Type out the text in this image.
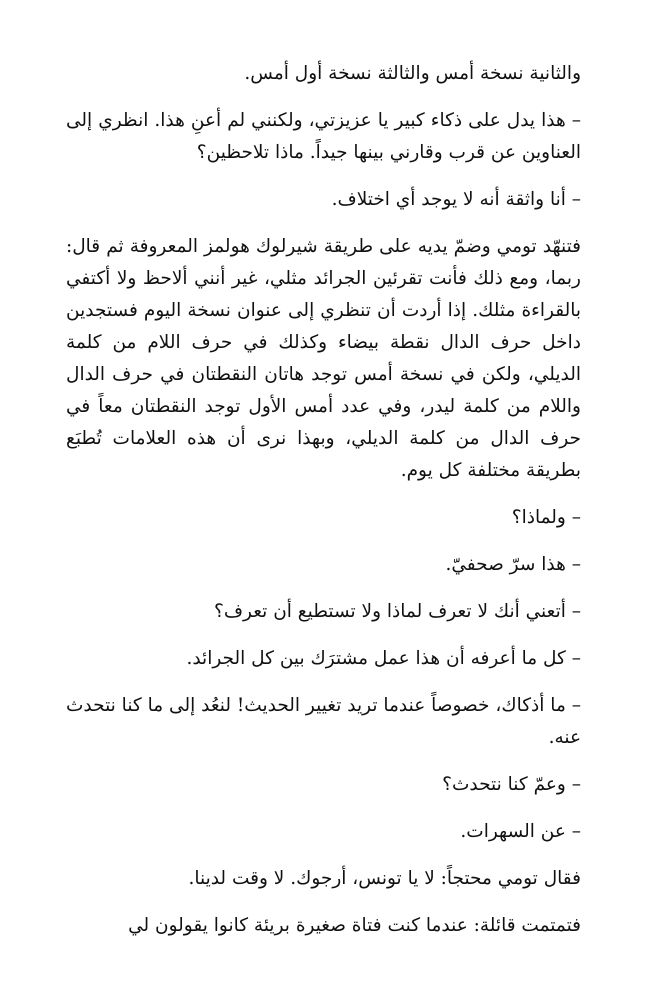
والثانية نسخة أمس والثالثة نسخة أول أمس.

– هذا يدل على ذكاء كبير يا عزيزتي، ولكنني لم أعنِ هذا. انظري إلى العناوين عن قرب وقارني بينها جيداً. ماذا تلاحظين؟

– أنا واثقة أنه لا يوجد أي اختلاف.

فتنهّد تومي وضمّ يديه على طريقة شيرلوك هولمز المعروفة ثم قال: ربما، ومع ذلك فأنت تقرئين الجرائد مثلي، غير أنني ألاحظ ولا أكتفي بالقراءة مثلك. إذا أردت أن تنظري إلى عنوان نسخة اليوم فستجدين داخل حرف الدال نقطة بيضاء وكذلك في حرف اللام من كلمة الديلي، ولكن في نسخة أمس توجد هاتان النقطتان في حرف الدال واللام من كلمة ليدر، وفي عدد أمس الأول توجد النقطتان معاً في حرف الدال من كلمة الديلي، وبهذا نرى أن هذه العلامات تُطبَع بطريقة مختلفة كل يوم.

– ولماذا؟

– هذا سرّ صحفيّ.

– أتعني أنك لا تعرف لماذا ولا تستطيع أن تعرف؟

– كل ما أعرفه أن هذا عمل مشترَك بين كل الجرائد.

– ما أذكاك، خصوصاً عندما تريد تغيير الحديث! لنعُد إلى ما كنا نتحدث عنه.

– وعمّ كنا نتحدث؟

– عن السهرات.

فقال تومي محتجاً: لا يا تونس، أرجوك. لا وقت لدينا.

فتمتمت قائلة: عندما كنت فتاة صغيرة بريئة كانوا يقولون لي
